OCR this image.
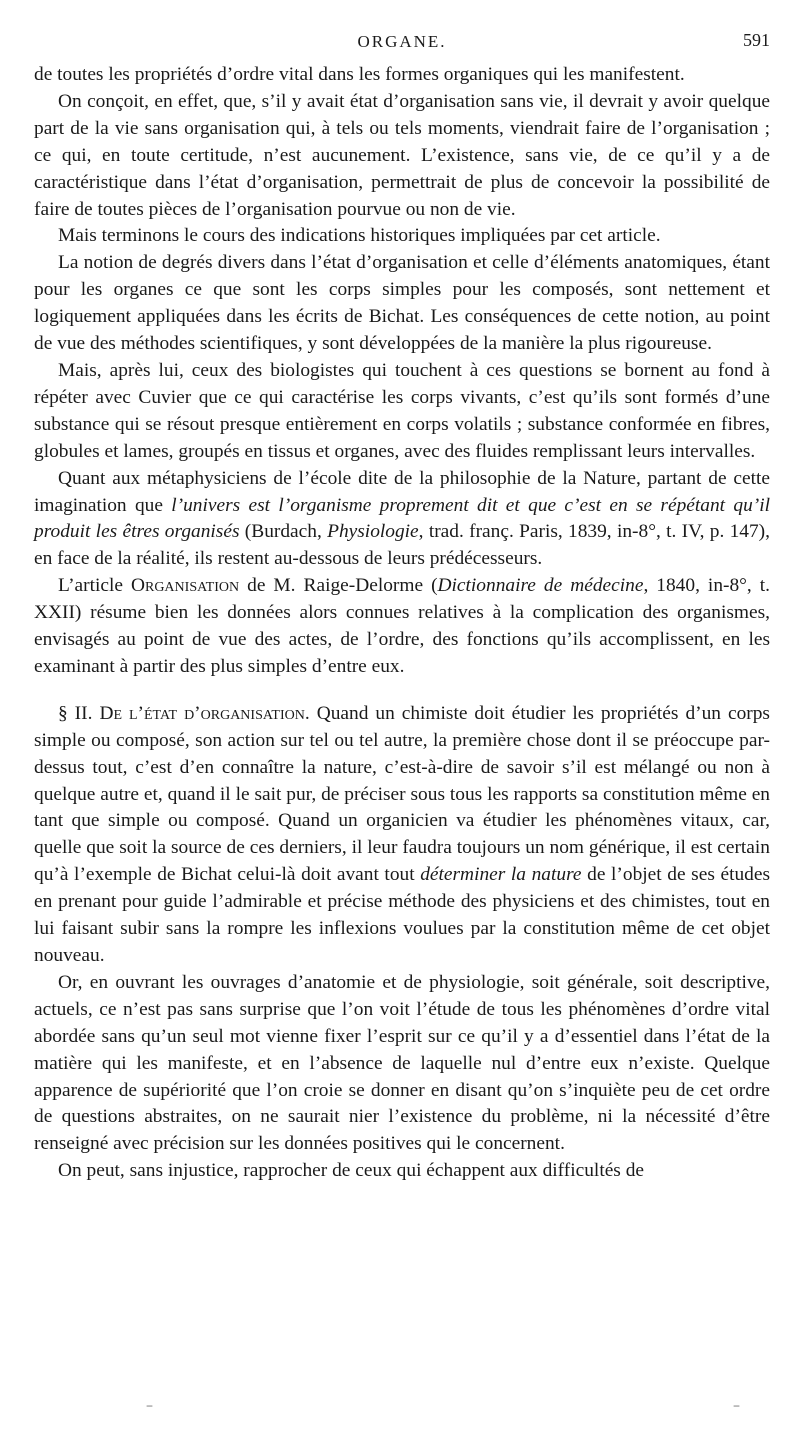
ORGANE.	591

de toutes les propriétés d’ordre vital dans les formes organiques qui les manifestent.

On conçoit, en effet, que, s’il y avait état d’organisation sans vie, il devrait y avoir quelque part de la vie sans organisation qui, à tels ou tels moments, viendrait faire de l’organisation ; ce qui, en toute certitude, n’est aucunement. L’existence, sans vie, de ce qu’il y a de caractéristique dans l’état d’organisation, permettrait de plus de concevoir la possibilité de faire de toutes pièces de l’organisation pourvue ou non de vie.

Mais terminons le cours des indications historiques impliquées par cet article.

La notion de degrés divers dans l’état d’organisation et celle d’éléments anatomiques, étant pour les organes ce que sont les corps simples pour les composés, sont nettement et logiquement appliquées dans les écrits de Bichat. Les conséquences de cette notion, au point de vue des méthodes scientifiques, y sont développées de la manière la plus rigoureuse.

Mais, après lui, ceux des biologistes qui touchent à ces questions se bornent au fond à répéter avec Cuvier que ce qui caractérise les corps vivants, c’est qu’ils sont formés d’une substance qui se résout presque entièrement en corps volatils ; substance conformée en fibres, globules et lames, groupés en tissus et organes, avec des fluides remplissant leurs intervalles.

Quant aux métaphysiciens de l’école dite de la philosophie de la Nature, partant de cette imagination que l’univers est l’organisme proprement dit et que c’est en se répétant qu’il produit les êtres organisés (Burdach, Physiologie, trad. franç. Paris, 1839, in-8°, t. IV, p. 147), en face de la réalité, ils restent au-dessous de leurs prédécesseurs.

L’article Organisation de M. Raige-Delorme (Dictionnaire de médecine, 1840, in-8°, t. XXII) résume bien les données alors connues relatives à la complication des organismes, envisagés au point de vue des actes, de l’ordre, des fonctions qu’ils accomplissent, en les examinant à partir des plus simples d’entre eux.

§ II. De l’état d’organisation. Quand un chimiste doit étudier les propriétés d’un corps simple ou composé, son action sur tel ou tel autre, la première chose dont il se préoccupe par-dessus tout, c’est d’en connaître la nature, c’est-à-dire de savoir s’il est mélangé ou non à quelque autre et, quand il le sait pur, de préciser sous tous les rapports sa constitution même en tant que simple ou composé. Quand un organicien va étudier les phénomènes vitaux, car, quelle que soit la source de ces derniers, il leur faudra toujours un nom générique, il est certain qu’à l’exemple de Bichat celui-là doit avant tout déterminer la nature de l’objet de ses études en prenant pour guide l’admirable et précise méthode des physiciens et des chimistes, tout en lui faisant subir sans la rompre les inflexions voulues par la constitution même de cet objet nouveau.

Or, en ouvrant les ouvrages d’anatomie et de physiologie, soit générale, soit descriptive, actuels, ce n’est pas sans surprise que l’on voit l’étude de tous les phénomènes d’ordre vital abordée sans qu’un seul mot vienne fixer l’esprit sur ce qu’il y a d’essentiel dans l’état de la matière qui les manifeste, et en l’absence de laquelle nul d’entre eux n’existe. Quelque apparence de supériorité que l’on croie se donner en disant qu’on s’inquiète peu de cet ordre de questions abstraites, on ne saurait nier l’existence du problème, ni la nécessité d’être renseigné avec précision sur les données positives qui le concernent.

On peut, sans injustice, rapprocher de ceux qui échappent aux difficultés de

–	–
